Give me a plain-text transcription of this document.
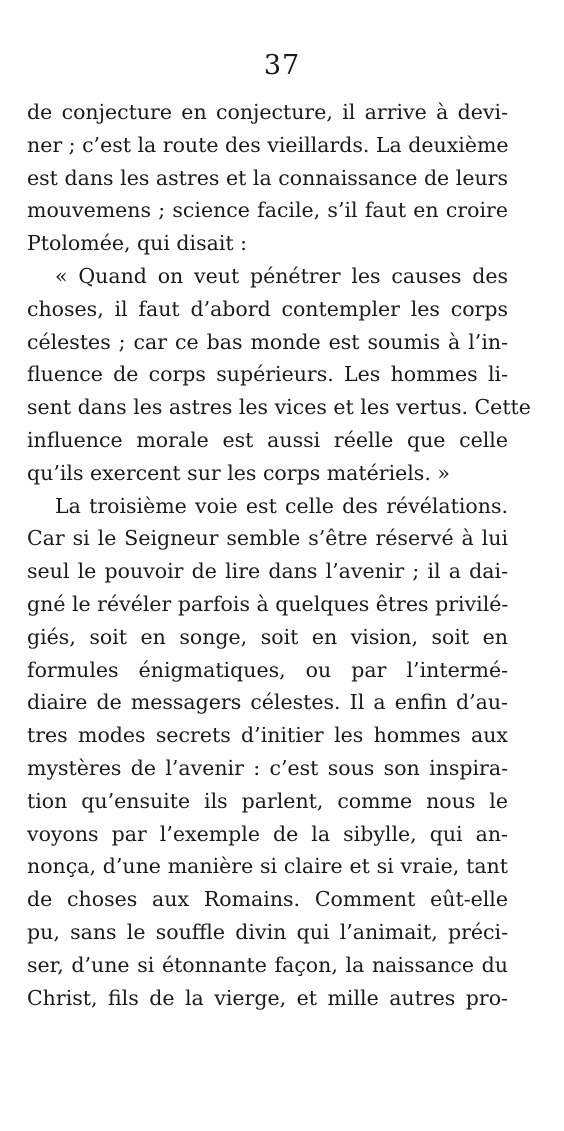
37
de conjecture en conjecture, il arrive à devi-
ner ; c’est la route des vieillards. La deuxième
est dans les astres et la connaissance de leurs
mouvemens ; science facile, s’il faut en croire
Ptolomée, qui disait :
« Quand on veut pénétrer les causes des
choses, il faut d’abord contempler les corps
célestes ; car ce bas monde est soumis à l’in-
fluence de corps supérieurs. Les hommes li-
sent dans les astres les vices et les vertus. Cette
influence morale est aussi réelle que celle
qu’ils exercent sur les corps matériels. »
La troisième voie est celle des révélations.
Car si le Seigneur semble s’être réservé à lui
seul le pouvoir de lire dans l’avenir ; il a dai-
gné le révéler parfois à quelques êtres privilé-
giés, soit en songe, soit en vision, soit en
formules énigmatiques, ou par l’intermé-
diaire de messagers célestes. Il a enfin d’au-
tres modes secrets d’initier les hommes aux
mystères de l’avenir : c’est sous son inspira-
tion qu’ensuite ils parlent, comme nous le
voyons par l’exemple de la sibylle, qui an-
nonça, d’une manière si claire et si vraie, tant
de choses aux Romains. Comment eût-elle
pu, sans le souffle divin qui l’animait, préci-
ser, d’une si étonnante façon, la naissance du
Christ, fils de la vierge, et mille autres pro-
